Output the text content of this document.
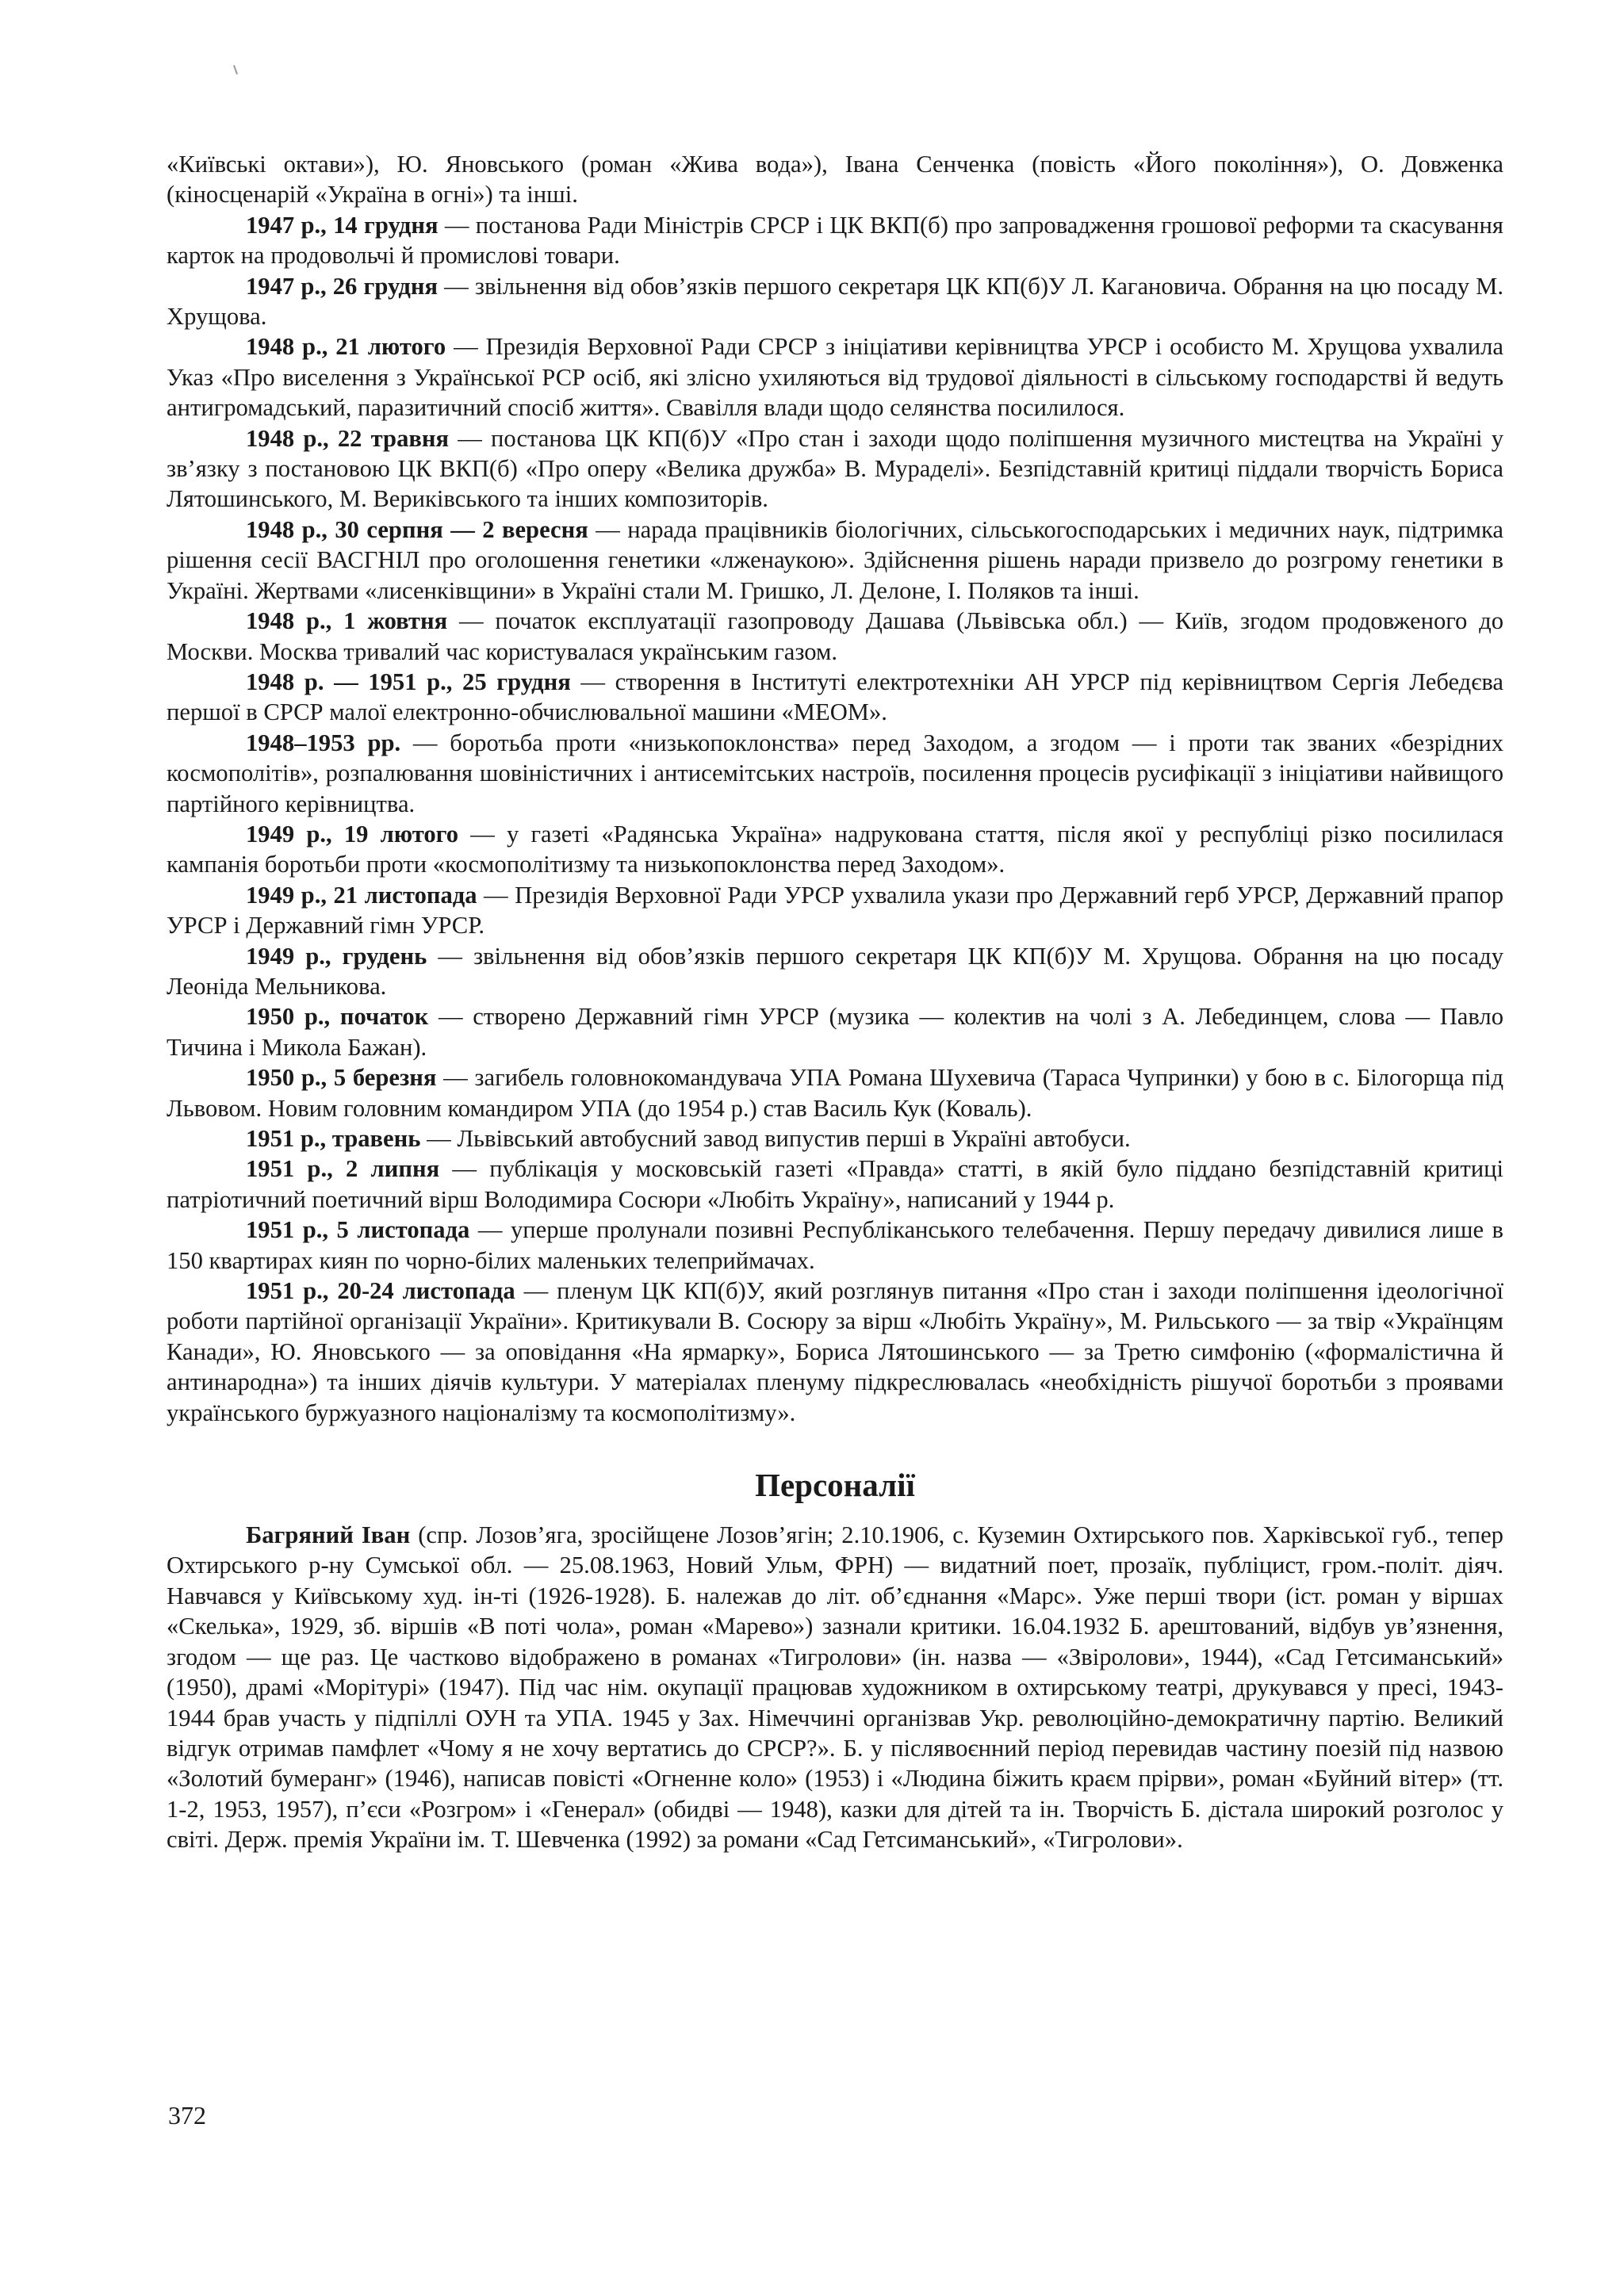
«Київські октави»), Ю. Яновського (роман «Жива вода»), Івана Сенченка (повість «Його покоління»), О. Довженка (кіносценарій «Україна в огні») та інші.

1947 р., 14 грудня — постанова Ради Міністрів СРСР і ЦК ВКП(б) про запровадження грошової реформи та скасування карток на продовольчі й промислові товари.

1947 р., 26 грудня — звільнення від обов’язків першого секретаря ЦК КП(б)У Л. Кагановича. Обрання на цю посаду М. Хрущова.

1948 р., 21 лютого — Президія Верховної Ради СРСР з ініціативи керівництва УРСР і особисто М. Хрущова ухвалила Указ «Про виселення з Української РСР осіб, які злісно ухиляються від трудової діяльності в сільському господарстві й ведуть антигромадський, паразитичний спосіб життя». Свавілля влади щодо селянства посилилося.

1948 р., 22 травня — постанова ЦК КП(б)У «Про стан і заходи щодо поліпшення музичного мистецтва на Україні у зв’язку з постановою ЦК ВКП(б) «Про оперу «Велика дружба» В. Мураделі». Безпідставній критиці піддали творчість Бориса Лятошинського, М. Вериківського та інших композиторів.

1948 р., 30 серпня — 2 вересня — нарада працівників біологічних, сільськогосподарських і медичних наук, підтримка рішення сесії ВАСГНІЛ про оголошення генетики «лженаукою». Здійснення рішень наради призвело до розгрому генетики в Україні. Жертвами «лисенківщини» в Україні стали М. Гришко, Л. Делоне, І. Поляков та інші.

1948 р., 1 жовтня — початок експлуатації газопроводу Дашава (Львівська обл.) — Київ, згодом продовженого до Москви. Москва тривалий час користувалася українським газом.

1948 р. — 1951 р., 25 грудня — створення в Інституті електротехніки АН УРСР під керівництвом Сергія Лебедєва першої в СРСР малої електронно-обчислювальної машини «МЕОМ».

1948–1953 рр. — боротьба проти «низькопоклонства» перед Заходом, а згодом — і проти так званих «безрідних космополітів», розпалювання шовіністичних і антисемітських настроїв, посилення процесів русифікації з ініціативи найвищого партійного керівництва.

1949 р., 19 лютого — у газеті «Радянська Україна» надрукована стаття, після якої у республіці різко посилилася кампанія боротьби проти «космополітизму та низькопоклонства перед Заходом».

1949 р., 21 листопада — Президія Верховної Ради УРСР ухвалила укази про Державний герб УРСР, Державний прапор УРСР і Державний гімн УРСР.

1949 р., грудень — звільнення від обов’язків першого секретаря ЦК КП(б)У М. Хрущова. Обрання на цю посаду Леоніда Мельникова.

1950 р., початок — створено Державний гімн УРСР (музика — колектив на чолі з А. Лебединцем, слова — Павло Тичина і Микола Бажан).

1950 р., 5 березня — загибель головнокомандувача УПА Романа Шухевича (Тараса Чупринки) у бою в с. Білогорща під Львовом. Новим головним командиром УПА (до 1954 р.) став Василь Кук (Коваль).

1951 р., травень — Львівський автобусний завод випустив перші в Україні автобуси.

1951 р., 2 липня — публікація у московській газеті «Правда» статті, в якій було піддано безпідставній критиці патріотичний поетичний вірш Володимира Сосюри «Любіть Україну», написаний у 1944 р.

1951 р., 5 листопада — уперше пролунали позивні Республіканського телебачення. Першу передачу дивилися лише в 150 квартирах киян по чорно-білих маленьких телеприймачах.

1951 р., 20-24 листопада — пленум ЦК КП(б)У, який розглянув питання «Про стан і заходи поліпшення ідеологічної роботи партійної організації України». Критикували В. Сосюру за вірш «Любіть Україну», М. Рильського — за твір «Українцям Канади», Ю. Яновського — за оповідання «На ярмарку», Бориса Лятошинського — за Третю симфонію («формалістична й антинародна») та інших діячів культури. У матеріалах пленуму підкреслювалась «необхідність рішучої боротьби з проявами українського буржуазного націоналізму та космополітизму».

Персоналії

Багряний Іван (спр. Лозов’яга, зросійщене Лозов’ягін; 2.10.1906, с. Куземин Охтирського пов. Харківської губ., тепер Охтирського р-ну Сумської обл. — 25.08.1963, Новий Ульм, ФРН) — видатний поет, прозаїк, публіцист, гром.-політ. діяч. Навчався у Київському худ. ін-ті (1926-1928). Б. належав до літ. об’єднання «Марс». Уже перші твори (іст. роман у віршах «Скелька», 1929, зб. віршів «В поті чола», роман «Марево») зазнали критики. 16.04.1932 Б. арештований, відбув ув’язнення, згодом — ще раз. Це частково відображено в романах «Тигролови» (ін. назва — «Звіролови», 1944), «Сад Гетсиманський» (1950), драмі «Морітурі» (1947). Під час нім. окупації працював художником в охтирському театрі, друкувався у пресі, 1943-1944 брав участь у підпіллі ОУН та УПА. 1945 у Зах. Німеччині організвав Укр. революційно-демократичну партію. Великий відгук отримав памфлет «Чому я не хочу вертатись до СРСР?». Б. у післявоєнний період перевидав частину поезій під назвою «Золотий бумеранг» (1946), написав повісті «Огненне коло» (1953) і «Людина біжить краєм прірви», роман «Буйний вітер» (тт. 1-2, 1953, 1957), п’єси «Розгром» і «Генерал» (обидві — 1948), казки для дітей та ін. Творчість Б. дістала широкий розголос у світі. Держ. премія України ім. Т. Шевченка (1992) за романи «Сад Гетсиманський», «Тигролови».

372
